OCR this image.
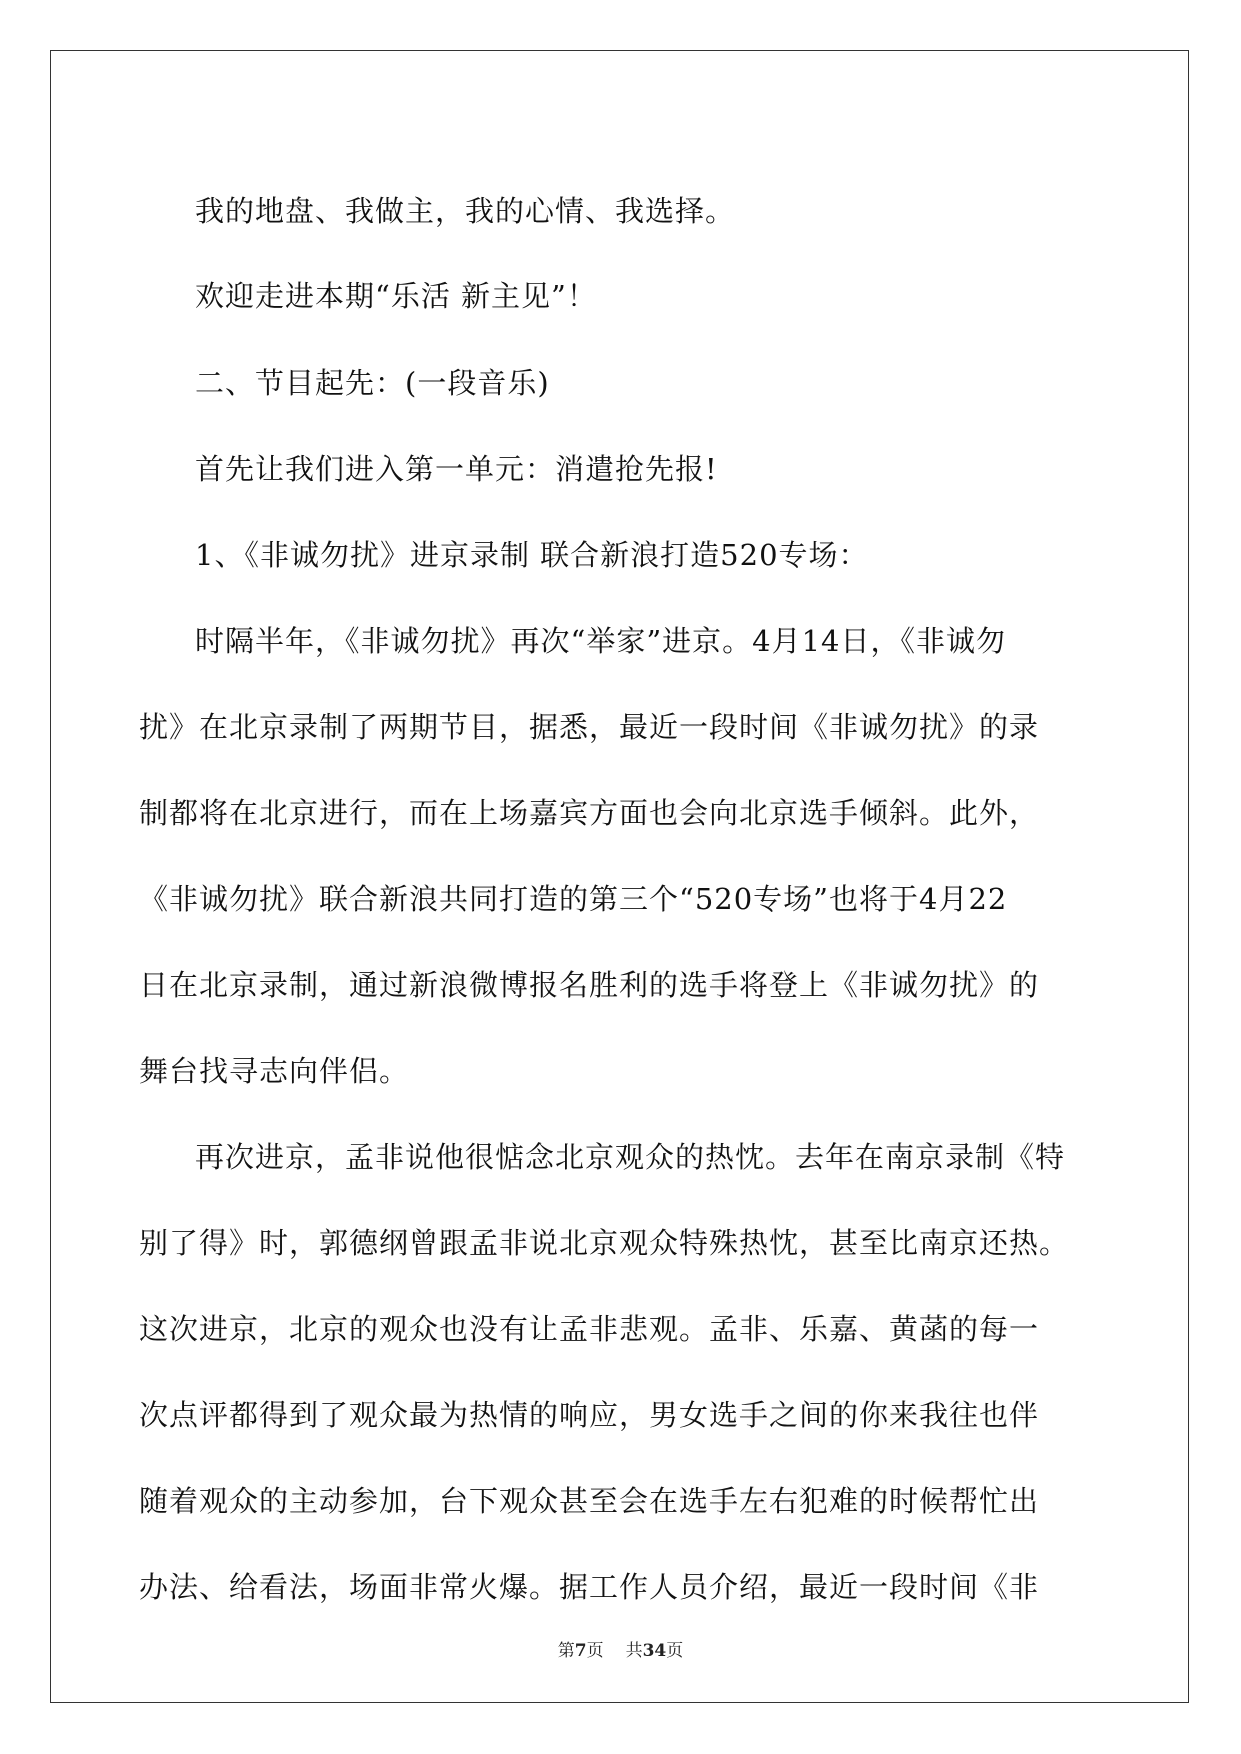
我的地盘、我做主，我的心情、我选择。
欢迎走进本期“乐活 新主见”！
二、节目起先：(一段音乐)
首先让我们进入第一单元：消遣抢先报!
1、《非诚勿扰》进京录制 联合新浪打造520专场：
时隔半年，《非诚勿扰》再次“举家”进京。4月14日，《非诚勿
扰》在北京录制了两期节目，据悉，最近一段时间《非诚勿扰》的录
制都将在北京进行，而在上场嘉宾方面也会向北京选手倾斜。此外，
《非诚勿扰》联合新浪共同打造的第三个“520专场”也将于4月22
日在北京录制，通过新浪微博报名胜利的选手将登上《非诚勿扰》的
舞台找寻志向伴侣。
再次进京，孟非说他很惦念北京观众的热忱。去年在南京录制《特
别了得》时，郭德纲曾跟孟非说北京观众特殊热忱，甚至比南京还热。
这次进京，北京的观众也没有让孟非悲观。孟非、乐嘉、黄菡的每一
次点评都得到了观众最为热情的响应，男女选手之间的你来我往也伴
随着观众的主动参加，台下观众甚至会在选手左右犯难的时候帮忙出
办法、给看法，场面非常火爆。据工作人员介绍，最近一段时间《非
第7页 共34页
